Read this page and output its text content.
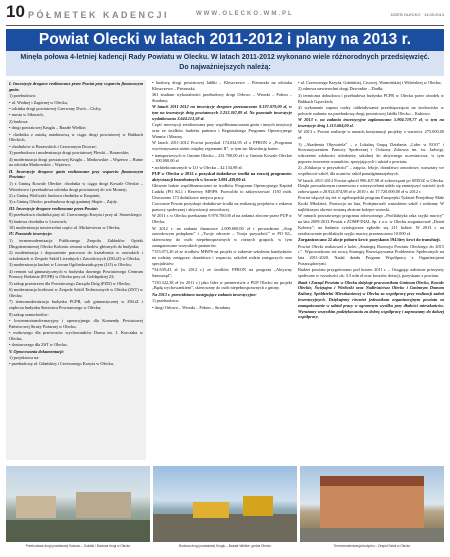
10 PÓŁMETEK KADENCJI	WWW.OLECKO.WM.PL	DZIEŃ OLECKO · 14.09.2013
Powiat Olecki w latach 2011-2012 i plany na 2013 r.
Minęła połowa 4-letniej kadencji Rady Powiatu w Olecku. W latach 2011-2012 wykonano wiele różnorodnych przedsięwzięć. Do najważniejszych należą:

I. Inwestycje drogowe realizowane przez Powiat przy wsparciu finansowym gmin:

1) przebudowa:

• ul. Wodnej i Zagórnej w Olecku,

• odcinka drogi powiatowej Czerwony Dwór – Cichy,

• mostu w Sikorach,

2) budowa:

• drogi powiatowej Kruglu – Bazałe Wielkie,

• chodnika z zatoką autobusową w ciągu drogi powiatowej w Babkach Oleckich,

• chodników w Borawskich i Czerwonym Dworze;

3) przebudowa i modernizacja drogi powiatowej Plewki – Borawskie;

4) modernizacja drogi powiatowej Kruglu – Markowskie – Wężewo – Butne na odcinku Markowskie – Wężewo;

II. Inwestycje drogowe gmin realizowane przy wsparciu finansowym Powiatu:

1) z Gminą Kowale Oleckie: chodnika w ciągu drogi Kowale Oleckie – Wierzbowo i przebudowa odcinka drogi powiatowej do wsi Monety;

2) z Gminą Wieliczki: budowa chodnika w Krupinie;

3) z Gminą Olecko: przebudowa drogi gminnej Słopie – Zajdy.

III. Inwestycje drogowe realizowane przez Powiat:

8) przebudowa chodnika przy ul. Czerwonego Krzyża i przy ul. Stoneckiego;

9) budowa chodnika w Lisewach;

10) modernizacja nawierzchni części ul. Mickiewicza w Olecku;

IV. Pozostałe inwestycje:

1) termomodernizacja Publicznego Zespołu Zakładów Opieki Długoterminowej Olecko Kolonia: remont schodów głównych do budynku;

2) modernizacja i doposażenie pracowni do kształcenia w zawodach i szkoleniach w Zespole Szkół Licealnych i Zawodowych (ZSLiZ) w Olecku;

3) modernizacja kuchni w Liceum Ogólnokształcącym (LO) w Olecku;

4) remont sal gimnastycznych w budynku dawnego Powiatowego Centrum Pomocy Rodzinie (PCPR) w Olecku przy ul. Gołdapskiej 23;

5) zakup przestrzeni dla Powiatowego Zarządu Dróg (PZD) w Olecku;

6) modernizacja kotłowni w Zespole Szkół Technicznych w Olecku (ZST) w Olecku;

7) termomodernizacja budynku PCPR, sali gimnastycznej w ZSLiZ i zaplecza budynku Starostwa Powiatowego w Olecku;

8) zakup samochodów:

• lowtermotransformacyjny i operacyjnego dla Komendy Powiatowej Państwowej Straży Pożarnej w Olecku,

• osobowego dla przewozów wychowanków Domu im. J. Korczaka w Olecku,

• dostawczego dla ZST w Olecku;

V. Opracowania dokumentacji:

1) projektowa na:

• przebudowę ul. Gdańskiej i Czerwonego Krzyża w Olecku,

• budowę drogi powiatowej Jabłki – Kleszczewo – Pietraszki na odcinku Kleszczewo – Pietraszki;

361 studium wykonalności przebudowy drogi Orłowo – Wronki – Połom – Straduny.

W latach 2011-2012 na inwestycje drogowe przeznaczono 8.197.079,00 zł, w tym na inwestycje dróg powiatowych 2.252.367,89 zł. Na pozostałe inwestycje wydatkowano 2.644.113,58 zł.

Część inwestycji zrealizowana przy współfinansowaniu gmin i innych instytucji oraz ze środków budżetu państwa i Regionalnego Programu Operacyjnego Warmia i Mazury.

W latach 2011-2012 Powiat pozyskał 174.034,95 zł z PFRON z „Programu wyrównywania różnic między regionami II”, w tym na: likwidację barier:

• transportowych w Gminie Olecko – 231.700,00 zł i w Gminie Kowale Oleckie – 100.000,00 zł

• architektonicznych w LO w Olecku – 42.134,98 zł.

PUP w Olecku w 2012 r. pozyskał dodatkowe środki na rozwój programów aktywizacji bezrobotnych w kwocie 3.081.439,00 zł.

Głównie ludzie współfinansowani ze środków Programu Operacyjnego Kapitał Ludzki (PO KL) i Rezerwy MPiPS. Pozwoliło to zaktywizować 1130 osób. Utworzono 173 dodatkowe miejsca pracy.

Corocznie Powiat pozyskuje dodatkowe środki na realizację projektów z zakresu pomocy społecznej i aktywizacji zawodowej.

W 2011 r. w Olecku przekazano 9.970.700,00 zł na zadania zlecone przez PUP w Olecku.

W 2012 r. na zadania finansowe 2.009.600,00 zł i prowadzono „Stop zawodowym pułapkom” i „Twoje zdrowie – Twoja przyszłość” w PO KL, skierowany do osób niepełnosprawnych w różnych grupach, w tym zaangażowano wszystkich partnerów.

*155.071,20 zł ze środków MPiPS na projekt w zakresie szkolenia kandydatów na rodziny zastępcze, doradztwa i wsparcia, szkoleń rodzin zastępczych oraz specjalistów;

*34.639,43 zł (w 2012 r.) ze środków PFRON na program „Aktywny Samorząd”;

*130.322,38 zł (w 2011 r.) jako lider w partnerstwie z PUP Olecko na projekt „Będę wychowankiem”, skierowany do osób niepełnosprawnych z gminy.

Na 2013 r. przewidziano następujące zadania inwestycyjne:

1) przebudowa:

• drogi Orłowo – Wronki – Połom – Straduny

• ul. Czerwonego Krzyża, Gdańskiej, Cisowej, Warmińskiej i Wileńskiej w Olecku;

2) odnowa nawierzchni drogi Dzwonkie – Dudki;

3) termiczna dobudowa i przebudowa budynku PCPR w Olecku przez ośrodek w Babkach Gąseckich;

4) wykonanie zapasu cudzy oddziaływanie przedsięwzięcia na środowisko w połowie zadania: na przebudowę drogi powiatowej Jabłki Olecko – Kukowo.

W 2013 r. na zadania inwestycyjne zaplanowano 5.904.719,77 zł, w tym na inwestycje dróg 1.113.604,00 zł.

W 2013 r. Powiat realizuje w ramach kontynuacji projekty o wartości: 275.000,00 zł:

1) „Akademia Obywatela” – z Lokalną Grupą Działania „Lider w EGO” i Stowarzyszeniem Pomocy Społecznej i Ochrony Zdrowia im. św. Jadwigi, wdrożenie zdolności młodzieży szkolnej do aktywnego uczestnictwa, w tym poprzez tworzenie warunków, sprzyjających i udział z powiatu;

2) „Edukacja w przyszłości” – zajęcia, lekcje, doradztwo zawodowe, warsztaty we wspólnocie szkół, dla uczniów szkół ponadgimnazjalnych.

W latach 2011-2012 Powiat spłacił 996.407,98 zł zobowiązań po SPZOZ w Olecku. Dzięki prowadzonym rozmowom z wierzycielami udało się zmniejszyć wartość tych zobowiązań o 20.924.074,98 zł w 2010 r. do 17.720.000,00 zł w 2012 r.

Powiat włączył się też w ogólnopolski program Europejski Tydzień Przejdźmy Małe Kroki Młodzież, Promocja na lata, Podejmowali wnioskiem szkół i rodzinny W najbliższym okresie zostaną złożone kolejne wnioski.

W ramach powiatowego programu zdrowotnego „Profilaktyka raka szyjki macicy” na lata 2009-2013 Powiat z ZOMP-DIAL Sp. z o.o. w Olecku zorganizował „Dzień Kobiety”, na badania cytologiczne zgłosiło się 211 kobiet. W 2013 r. na zrealizowanie profilaktyki szyjki macicy przeznaczono 10.000 zł.

Zorganizowano 22 akcje poboru krwi: pozyskano 194 litry krwi do transfuzji.

Powiat Olecki realizował z kolei „Strategię Rozwoju Powiatu Oleckiego do 2015 r.”. Wprowadzono też nową Strategię Rozwiązywania Problemów Społecznych na lata 2011-2020. Nadal działa Program Współpracy z Organizacjami Pozarządowymi.

Budżet powiatu przygotowano pod koniec 2011 r. – Osiągając założone priorytety społeczne w wysokości ok. 3.5 mln zł oraz kosztów dotacji, pozyskano z powiatu.

Bank i Zarząd Powiatu w Olecku dziękuje pracownikom Gminom Olecko, Kowale Oleckie, Świętajno i Wieliczki oraz Nadleśnictwu Olecko i Gminnym Domom Kultury, Spółdzielni Mieszkaniowej w Olecku za współpracę przy realizacji zadań inwestycyjnych. Dziękujemy również jednostkom organizacyjnym powiatu za zaangażowanie w udział pracy w ogromnym wysiłku przy dbałości mieszkańców. Wyrażamy wszystkim podziękowania za dobrą współpracę i zapraszamy do dalszej współpracy.

Przebudowa drogi powiatowej Kukowo – Sokółki / Budowa drogi w Olecku	Budowa drogi powiatowej Kruglu – Bazałe Wielkie, gmina Olecko	Termomodernizacja budynku – Zespół Szkół w Olecku
